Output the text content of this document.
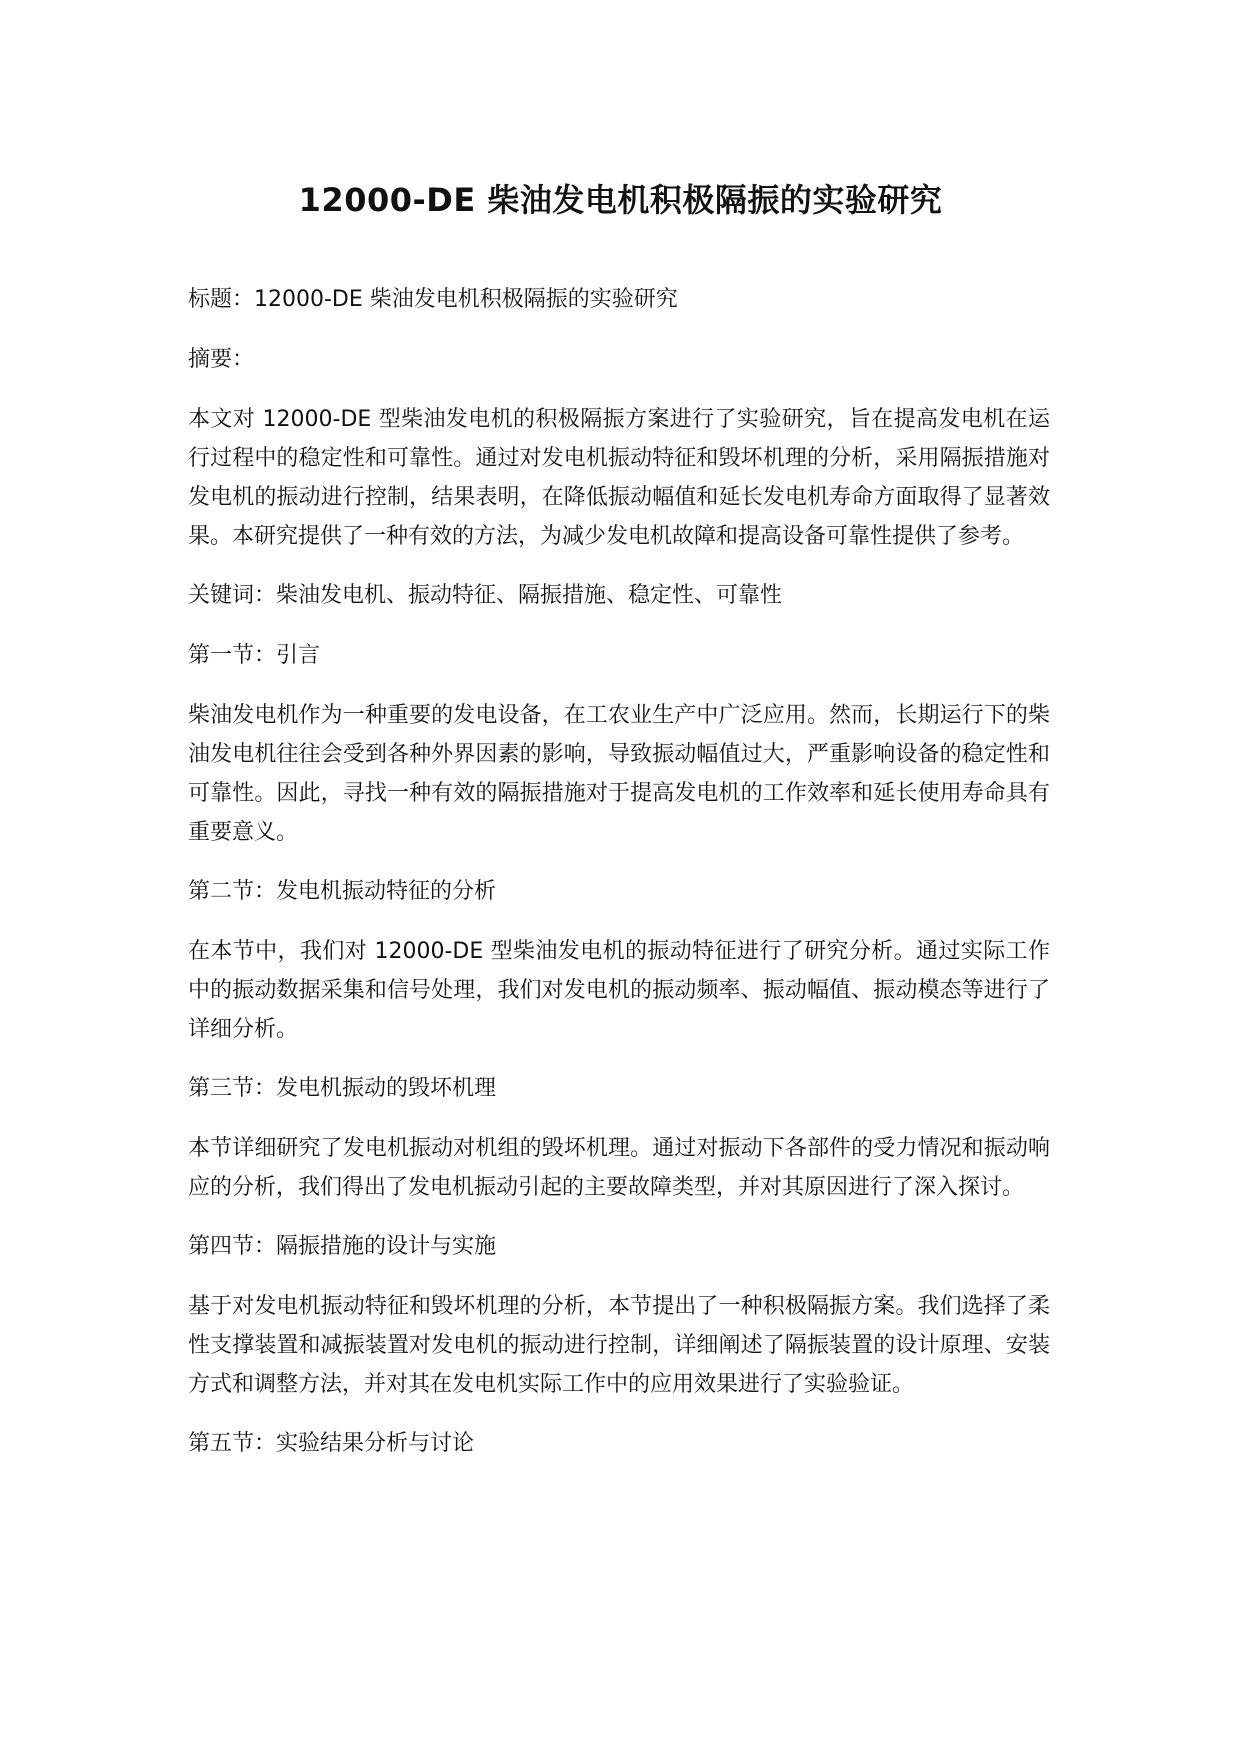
12000-DE 柴油发电机积极隔振的实验研究

标题：12000-DE 柴油发电机积极隔振的实验研究

摘要：

本文对 12000-DE 型柴油发电机的积极隔振方案进行了实验研究，旨在提高发电机在运行过程中的稳定性和可靠性。通过对发电机振动特征和毁坏机理的分析，采用隔振措施对发电机的振动进行控制，结果表明，在降低振动幅值和延长发电机寿命方面取得了显著效果。本研究提供了一种有效的方法，为减少发电机故障和提高设备可靠性提供了参考。

关键词：柴油发电机、振动特征、隔振措施、稳定性、可靠性

第一节：引言

柴油发电机作为一种重要的发电设备，在工农业生产中广泛应用。然而，长期运行下的柴油发电机往往会受到各种外界因素的影响，导致振动幅值过大，严重影响设备的稳定性和可靠性。因此，寻找一种有效的隔振措施对于提高发电机的工作效率和延长使用寿命具有重要意义。

第二节：发电机振动特征的分析

在本节中，我们对 12000-DE 型柴油发电机的振动特征进行了研究分析。通过实际工作中的振动数据采集和信号处理，我们对发电机的振动频率、振动幅值、振动模态等进行了详细分析。

第三节：发电机振动的毁坏机理

本节详细研究了发电机振动对机组的毁坏机理。通过对振动下各部件的受力情况和振动响应的分析，我们得出了发电机振动引起的主要故障类型，并对其原因进行了深入探讨。

第四节：隔振措施的设计与实施

基于对发电机振动特征和毁坏机理的分析，本节提出了一种积极隔振方案。我们选择了柔性支撑装置和减振装置对发电机的振动进行控制，详细阐述了隔振装置的设计原理、安装方式和调整方法，并对其在发电机实际工作中的应用效果进行了实验验证。

第五节：实验结果分析与讨论
